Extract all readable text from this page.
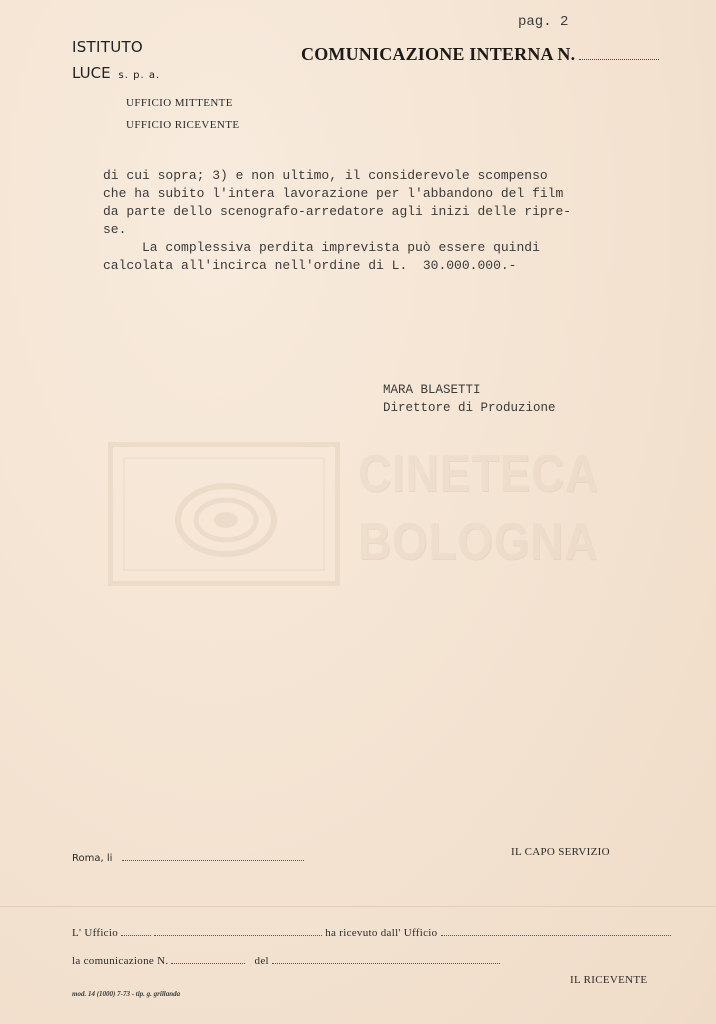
pag. 2
ISTITUTO
LUCE s. p. a.
COMUNICAZIONE INTERNA N.
UFFICIO MITTENTE
UFFICIO RICEVENTE
di cui sopra; 3) e non ultimo, il considerevole scompenso
che ha subito l'intera lavorazione per l'abbandono del film
da parte dello scenografo-arredatore agli inizi delle ripre-
se.
La complessiva perdita imprevista può essere quindi
calcolata all'incirca nell'ordine di L.  30.000.000.-
MARA BLASETTI
Direttore di Produzione
CINETECA
BOLOGNA
Roma, li
IL CAPO SERVIZIO
L' Ufficio	ha ricevuto dall' Ufficio
la comunicazione N.	del
IL RICEVENTE
mod. 14 (1000) 7-73 - tip. g. grillanda
